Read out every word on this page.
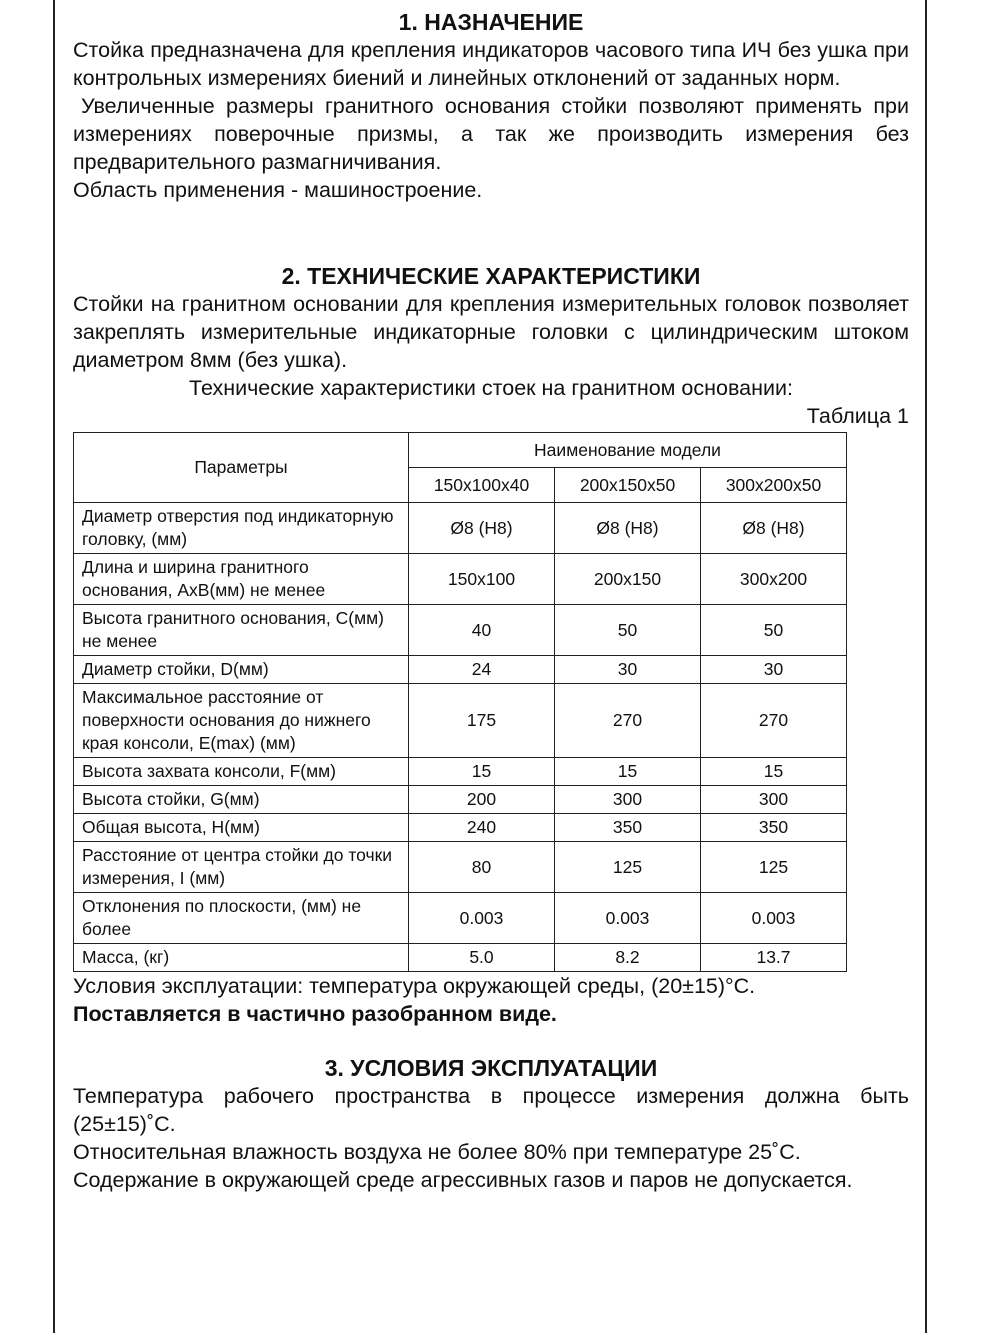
1. НАЗНАЧЕНИЕ

Стойка предназначена для крепления индикаторов часового типа ИЧ без ушка при контрольных измерениях биений и линейных отклонений от заданных норм.

Увеличенные размеры гранитного основания стойки позволяют применять при измерениях поверочные призмы, а так же производить измерения без предварительного размагничивания.

Область применения - машиностроение.

2. ТЕХНИЧЕСКИЕ ХАРАКТЕРИСТИКИ

Стойки на гранитном основании для крепления измерительных головок позволяет закреплять измерительные индикаторные головки с цилиндрическим штоком диаметром 8мм (без ушка).

Технические характеристики стоек на гранитном основании:

Таблица 1

Параметры	Наименование модели		
	150x100x40	200x150x50	300x200x50
Диаметр отверстия под индикаторную головку, (мм)	Ø8 (H8)	Ø8 (H8)	Ø8 (H8)
Длина и ширина гранитного основания, АхВ(мм) не менее	150x100	200x150	300x200
Высота гранитного основания, С(мм) не менее	40	50	50
Диаметр стойки, D(мм)	24	30	30
Максимальное расстояние от поверхности основания до нижнего края консоли, E(max) (мм)	175	270	270
Высота захвата консоли, F(мм)	15	15	15
Высота стойки, G(мм)	200	300	300
Общая высота, H(мм)	240	350	350
Расстояние от центра стойки до точки измерения, I (мм)	80	125	125
Отклонения по плоскости, (мм) не более	0.003	0.003	0.003
Масса, (кг)	5.0	8.2	13.7

Условия эксплуатации: температура окружающей среды, (20±15)°С.

Поставляется в частично разобранном виде.

3. УСЛОВИЯ ЭКСПЛУАТАЦИИ

Температура рабочего пространства в процессе измерения должна быть (25±15)˚С.

Относительная влажность воздуха не более 80% при температуре 25˚С.

Содержание в окружающей среде агрессивных газов и паров не допускается.
